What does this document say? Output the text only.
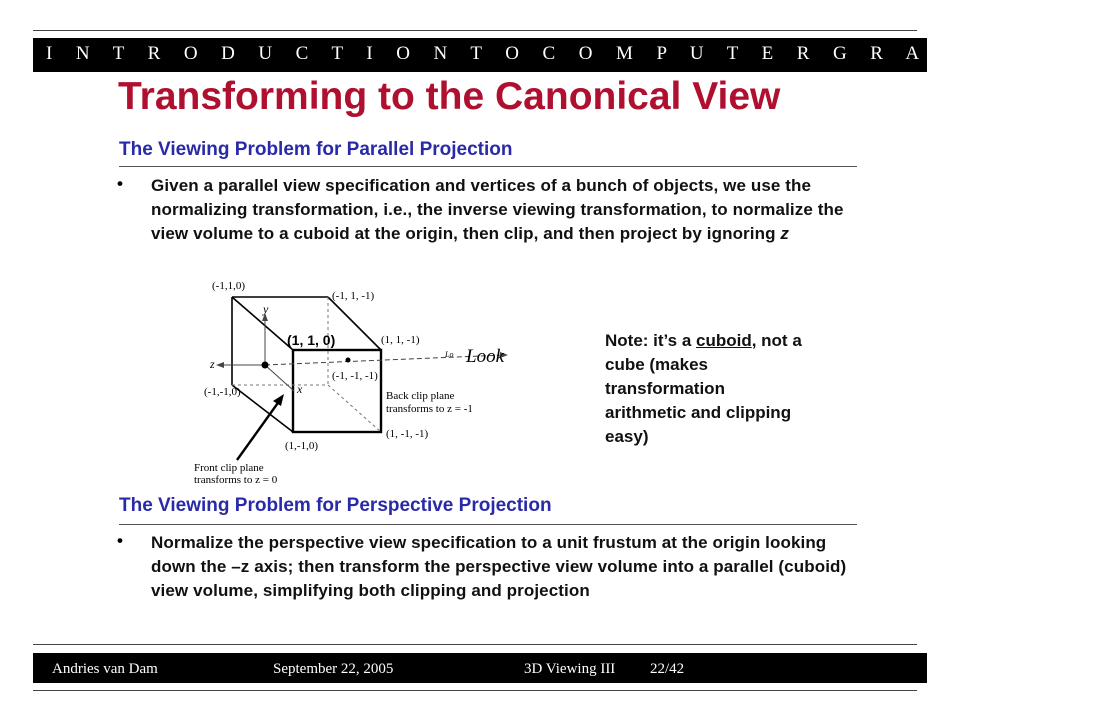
I N T R O D U C T I O N T O C O M P U T E R G R A P H I C S
Transforming to the Canonical View
The Viewing Problem for Parallel Projection
• Given a parallel view specification and vertices of a bunch of objects, we use the normalizing transformation, i.e., the inverse viewing transformation, to normalize the view volume to a cuboid at the origin, then clip, and then project by ignoring z
(-1,1,0)
(-1, 1, -1)
(1, 1, 0)	(1, 1, -1)
(-1,-1,0)
(-1, -1, -1)
(1,-1,0)
(1, -1, -1)
y
x
z
Lo Look
Back clip plane
transforms to z = -1
Front clip plane
transforms to z = 0
Note: it’s a cuboid, not a cube (makes transformation arithmetic and clipping easy)
The Viewing Problem for Perspective Projection
• Normalize the perspective view specification to a unit frustum at the origin looking down the –z axis; then transform the perspective view volume into a parallel (cuboid) view volume, simplifying both clipping and projection
Andries van Dam	September 22, 2005	3D Viewing III 22/42
